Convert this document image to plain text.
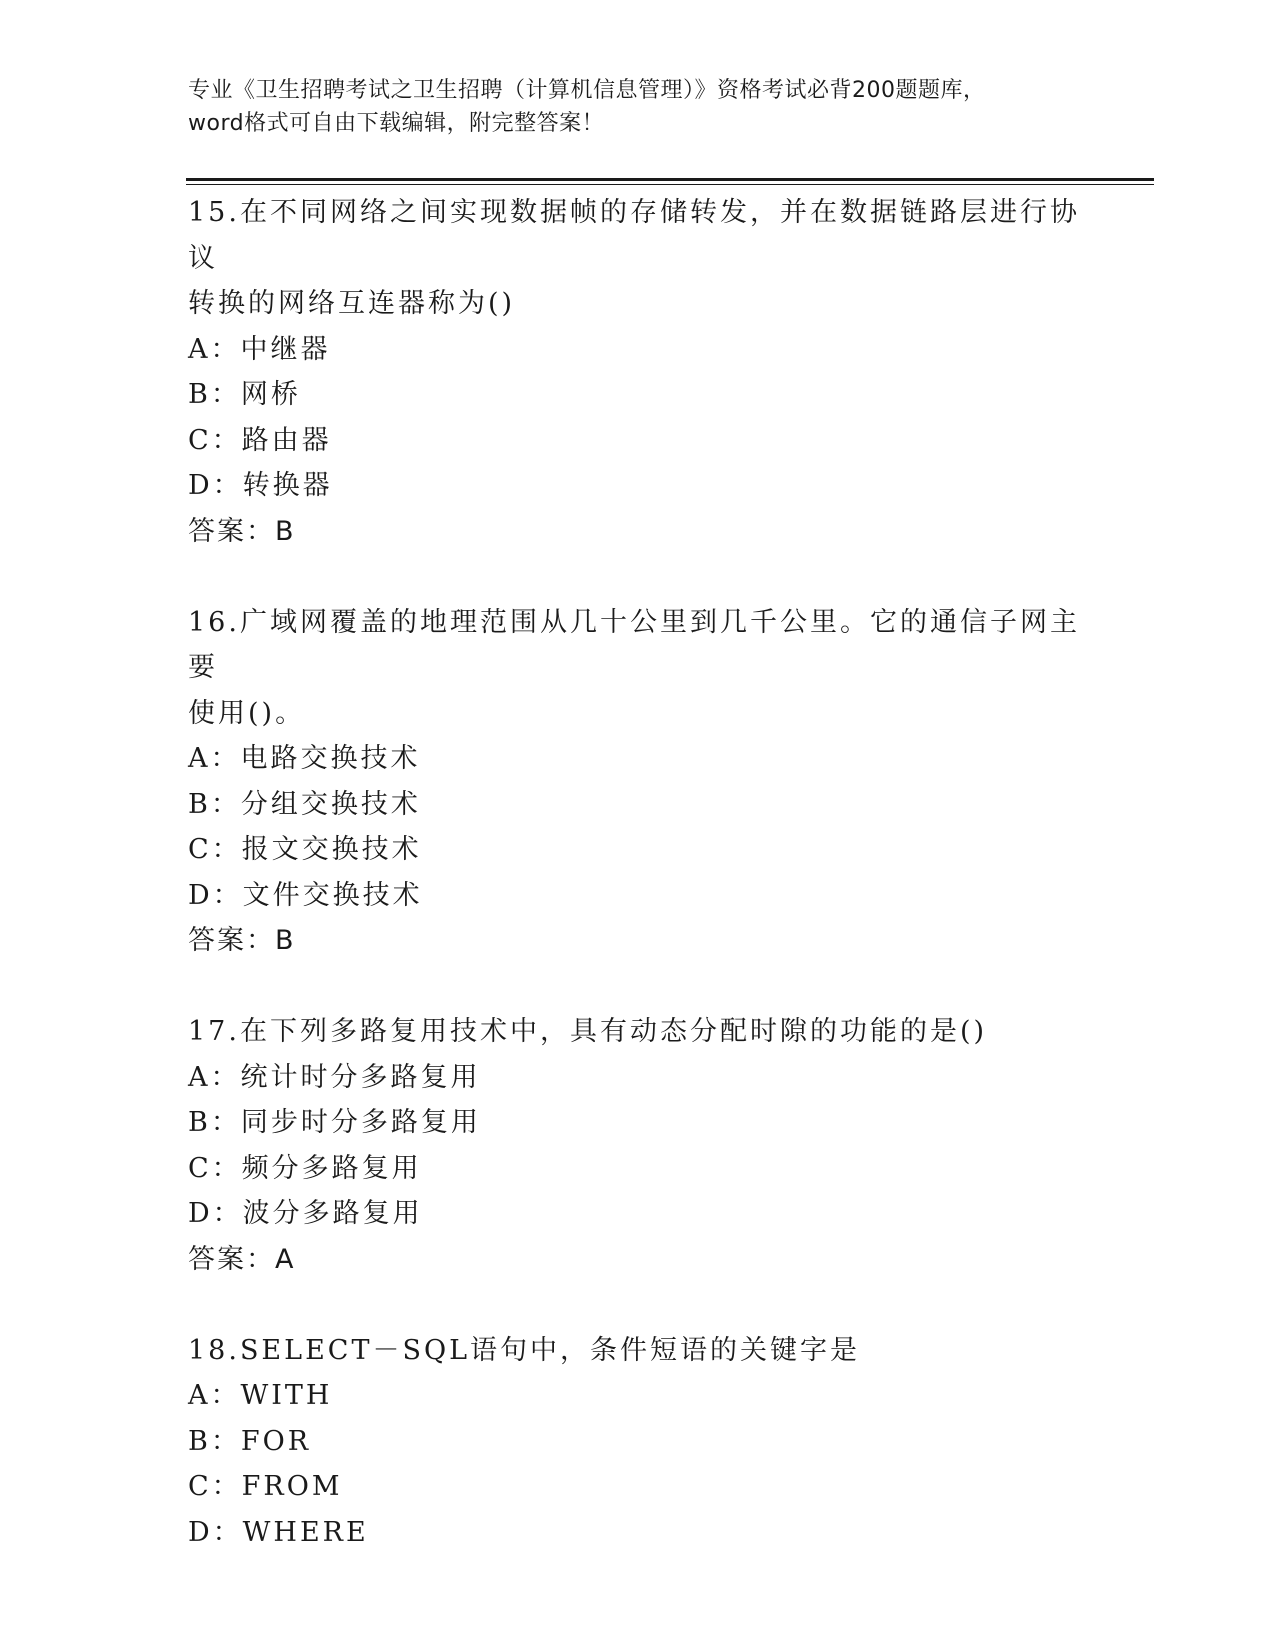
专业《卫生招聘考试之卫生招聘（计算机信息管理）》资格考试必背200题题库，
word格式可自由下载编辑，附完整答案！

15.在不同网络之间实现数据帧的存储转发，并在数据链路层进行协议

转换的网络互连器称为()

A：中继器

B：网桥

C：路由器

D：转换器

答案：B

16.广域网覆盖的地理范围从几十公里到几千公里。它的通信子网主要

使用()。

A：电路交换技术

B：分组交换技术

C：报文交换技术

D：文件交换技术

答案：B

17.在下列多路复用技术中，具有动态分配时隙的功能的是()

A：统计时分多路复用

B：同步时分多路复用

C：频分多路复用

D：波分多路复用

答案：A

18.SELECT－SQL语句中，条件短语的关键字是

A：WITH

B：FOR

C：FROM

D：WHERE
